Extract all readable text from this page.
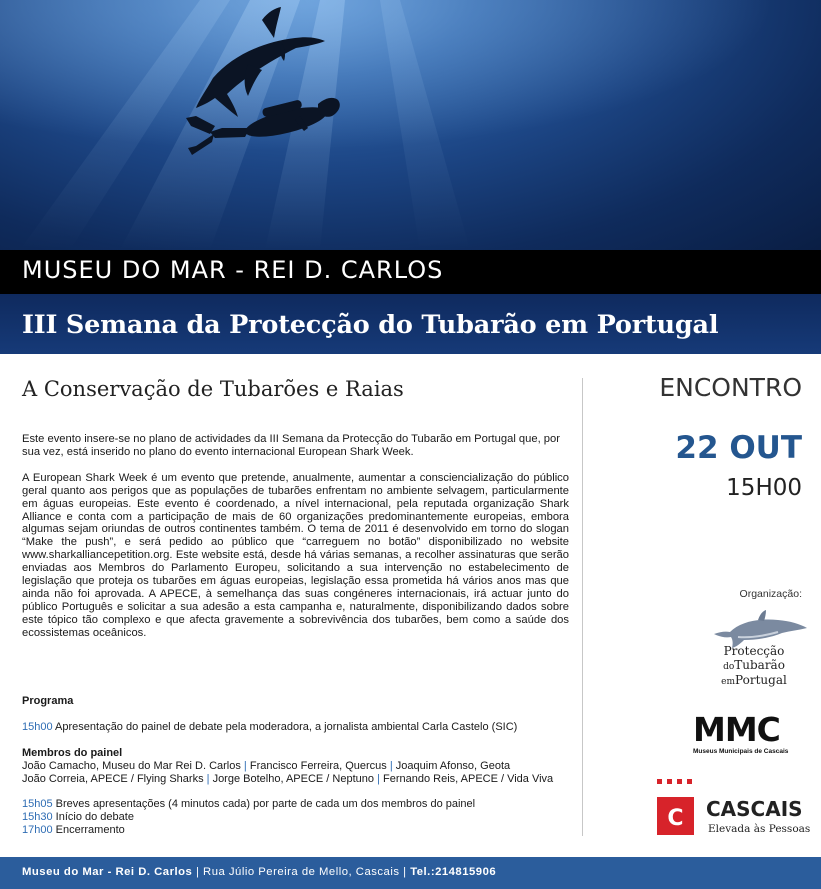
MUSEU DO MAR - REI D. CARLOS
III Semana da Protecção do Tubarão em Portugal
A Conservação de Tubarões e Raias

Este evento insere-se no plano de actividades da III Semana da Protecção do Tubarão em Portugal que, por sua vez, está inserido no plano do evento internacional European Shark Week.

A European Shark Week é um evento que pretende, anualmente, aumentar a consciencialização do público geral quanto aos perigos que as populações de tubarões enfrentam no ambiente selvagem, particularmente em águas europeias. Este evento é coordenado, a nível internacional, pela reputada organização Shark Alliance e conta com a participação de mais de 60 organizações predominantemente europeias, embora algumas sejam oriundas de outros continentes também. O tema de 2011 é desenvolvido em torno do slogan “Make the push”, e será pedido ao público que “carreguem no botão” disponibilizado no website www.sharkalliancepetition.org. Este website está, desde há várias semanas, a recolher assinaturas que serão enviadas aos Membros do Parlamento Europeu, solicitando a sua intervenção no estabelecimento de legislação que proteja os tubarões em águas europeias, legislação essa prometida há vários anos mas que ainda não foi aprovada. A APECE, à semelhança das suas congéneres internacionais, irá actuar junto do público Português e solicitar a sua adesão a esta campanha e, naturalmente, disponibilizando dados sobre este tópico tão complexo e que afecta gravemente a sobrevivência dos tubarões, bem como a saúde dos ecossistemas oceânicos.

Programa
15h00 Apresentação do painel de debate pela moderadora, a jornalista ambiental Carla Castelo (SIC)
Membros do painel
João Camacho, Museu do Mar Rei D. Carlos | Francisco Ferreira, Quercus | Joaquim Afonso, Geota
João Correia, APECE / Flying Sharks | Jorge Botelho, APECE / Neptuno | Fernando Reis, APECE / Vida Viva
15h05 Breves apresentações (4 minutos cada) por parte de cada um dos membros do painel
15h30 Início do debate
17h00 Encerramento
ENCONTRO
22 OUT
15H00
Organização:
Protecção
doTubarão
emPortugal
MMC
Museus Municipais de Cascais
C CASCAIS
Elevada às Pessoas
Museu do Mar - Rei D. Carlos | Rua Júlio Pereira de Mello, Cascais | Tel.:214815906
